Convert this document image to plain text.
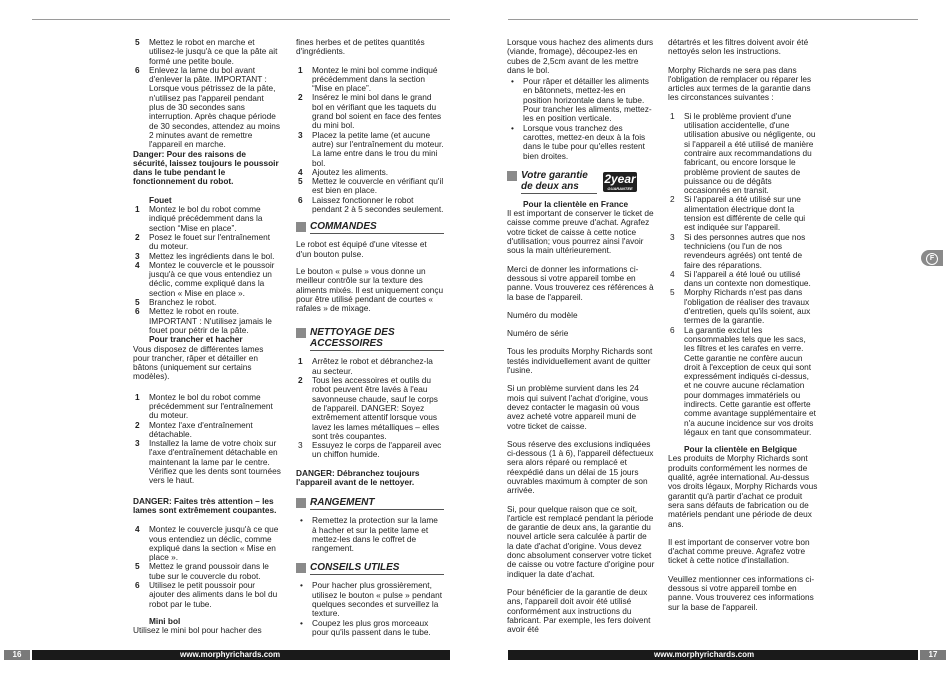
5	Mettez le robot en marche et utilisez-le jusqu'à ce que la pâte ait formé une petite boule.
6	Enlevez la lame du bol avant d'enlever la pâte. IMPORTANT : Lorsque vous pétrissez de la pâte, n'utilisez pas l'appareil pendant plus de 30 secondes sans interruption. Après chaque période de 30 secondes, attendez au moins 2 minutes avant de remettre l'appareil en marche.

Danger: Pour des raisons de sécurité, laissez toujours le poussoir dans le tube pendant le fonctionnement du robot.

Fouet
1	Montez le bol du robot comme indiqué précédemment dans la section “Mise en place”.
2	Posez le fouet sur l'entraînement du moteur.
3	Mettez les ingrédients dans le bol.
4	Montez le couvercle et le poussoir jusqu'à ce que vous entendiez un déclic, comme expliqué dans la section « Mise en place ».
5	Branchez le robot.
6	Mettez le robot en route. IMPORTANT : N'utilisez jamais le fouet pour pétrir de la pâte.
Pour trancher et hacher

Vous disposez de différentes lames pour trancher, râper et détailler en bâtons (uniquement sur certains modèles).

1	Montez le bol du robot comme précédemment sur l'entraînement du moteur.
2	Montez l'axe d'entraînement détachable.
3	Installez la lame de votre choix sur l'axe d'entraînement détachable en maintenant la lame par le centre. Vérifiez que les dents sont tournées vers le haut.

DANGER: Faites très attention – les lames sont extrêmement coupantes.

4	Montez le couvercle jusqu'à ce que vous entendiez un déclic, comme expliqué dans la section « Mise en place ».
5	Mettez le grand poussoir dans le tube sur le couvercle du robot.
6	Utilisez le petit poussoir pour ajouter des aliments dans le bol du robot par le tube.
Mini bol

Utilisez le mini bol pour hacher des

fines herbes et de petites quantités d'ingrédients.

1	Montez le mini bol comme indiqué précédemment dans la section “Mise en place”.
2	Insérez le mini bol dans le grand bol en vérifiant que les taquets du grand bol soient en face des fentes du mini bol.
3	Placez la petite lame (et aucune autre) sur l'entraînement du moteur. La lame entre dans le trou du mini bol.
4	Ajoutez les aliments.
5	Mettez le couvercle en vérifiant qu'il est bien en place.
6	Laissez fonctionner le robot pendant 2 à 5 secondes seulement.
COMMANDES

Le robot est équipé d'une vitesse et d'un bouton pulse.

Le bouton « pulse » vous donne un meilleur contrôle sur la texture des aliments mixés. Il est uniquement conçu pour être utilisé pendant de courtes « rafales » de mixage.

NETTOYAGE DES ACCESSOIRES
1	Arrêtez le robot et débranchez-la au secteur.
2	Tous les accessoires et outils du robot peuvent être lavés à l'eau savonneuse chaude, sauf le corps de l'appareil. DANGER: Soyez extrêmement attentif lorsque vous lavez les lames métalliques – elles sont très coupantes.
3	Essuyez le corps de l'appareil avec un chiffon humide.

DANGER: Débranchez toujours l'appareil avant de le nettoyer.

RANGEMENT
•	Remettez la protection sur la lame à hacher et sur la petite lame et mettez-les dans le coffret de rangement.
CONSEILS UTILES
•	Pour hacher plus grossièrement, utilisez le bouton « pulse » pendant quelques secondes et surveillez la texture.
•	Coupez les plus gros morceaux pour qu'ils passent dans le tube.

Lorsque vous hachez des aliments durs (viande, fromage), découpez-les en cubes de 2,5cm avant de les mettre dans le bol.

•	Pour râper et détailler les aliments en bâtonnets, mettez-les en position horizontale dans le tube. Pour trancher les aliments, mettez-les en position verticale.
•	Lorsque vous tranchez des carottes, mettez-en deux à la fois dans le tube pour qu'elles restent bien droites.
Votre garantie de deux ans
2year
GUARANTEE
Pour la clientèle en France

Il est important de conserver le ticket de caisse comme preuve d'achat. Agrafez votre ticket de caisse à cette notice d'utilisation; vous pourrez ainsi l'avoir sous la main ultérieurement.

Merci de donner les informations ci-dessous si votre appareil tombe en panne. Vous trouverez ces références à la base de l'appareil.

Numéro du modèle

Numéro de série

Tous les produits Morphy Richards sont testés individuellement avant de quitter l'usine.

Si un problème survient dans les 24 mois qui suivent l'achat d'origine, vous devez contacter le magasin où vous avez acheté votre appareil muni de votre ticket de caisse.

Sous réserve des exclusions indiquées ci-dessous (1 à 6), l'appareil défectueux sera alors réparé ou remplacé et réexpédié dans un délai de 15 jours ouvrables maximum à compter de son arrivée.

Si, pour quelque raison que ce soit, l'article est remplacé pendant la période de garantie de deux ans, la garantie du nouvel article sera calculée à partir de la date d'achat d'origine. Vous devez donc absolument conserver votre ticket de caisse ou votre facture d'origine pour indiquer la date d'achat.

Pour bénéficier de la garantie de deux ans, l'appareil doit avoir été utilisé conformément aux instructions du fabricant. Par exemple, les fers doivent avoir été

détartrés et les filtres doivent avoir été nettoyés selon les instructions.

Morphy Richards ne sera pas dans l'obligation de remplacer ou réparer les articles aux termes de la garantie dans les circonstances suivantes :

1	Si le problème provient d'une utilisation accidentelle, d'une utilisation abusive ou négligente, ou si l'appareil a été utilisé de manière contraire aux recommandations du fabricant, ou encore lorsque le problème provient de sautes de puissance ou de dégâts occasionnés en transit.
2	Si l'appareil a été utilisé sur une alimentation électrique dont la tension est différente de celle qui est indiquée sur l'appareil.
3	Si des personnes autres que nos techniciens (ou l'un de nos revendeurs agréés) ont tenté de faire des réparations.
4	Si l'appareil a été loué ou utilisé dans un contexte non domestique.
5	Morphy Richards n'est pas dans l'obligation de réaliser des travaux d'entretien, quels qu'ils soient, aux termes de la garantie.
6	La garantie exclut les consommables tels que les sacs, les filtres et les carafes en verre. Cette garantie ne confère aucun droit à l'exception de ceux qui sont expressément indiqués ci-dessus, et ne couvre aucune réclamation pour dommages immatériels ou indirects. Cette garantie est offerte comme avantage supplémentaire et n'a aucune incidence sur vos droits légaux en tant que consommateur.
Pour la clientèle en Belgique

Les produits de Morphy Richards sont produits conformément les normes de qualité, agrée international. Au-dessus vos droits légaux, Morphy Richards vous garantit qu'à partir d'achat ce produit sera sans défauts de fabrication ou de matériels pendant une période de deux ans.

Il est important de conserver votre bon d'achat comme preuve. Agrafez votre ticket à cette notice d'installation.

Veuillez mentionner ces informations ci-dessous si votre appareil tombe en panne. Vous trouverez ces informations sur la base de l'appareil.

F
16	www.morphyrichards.com	www.morphyrichards.com	17
